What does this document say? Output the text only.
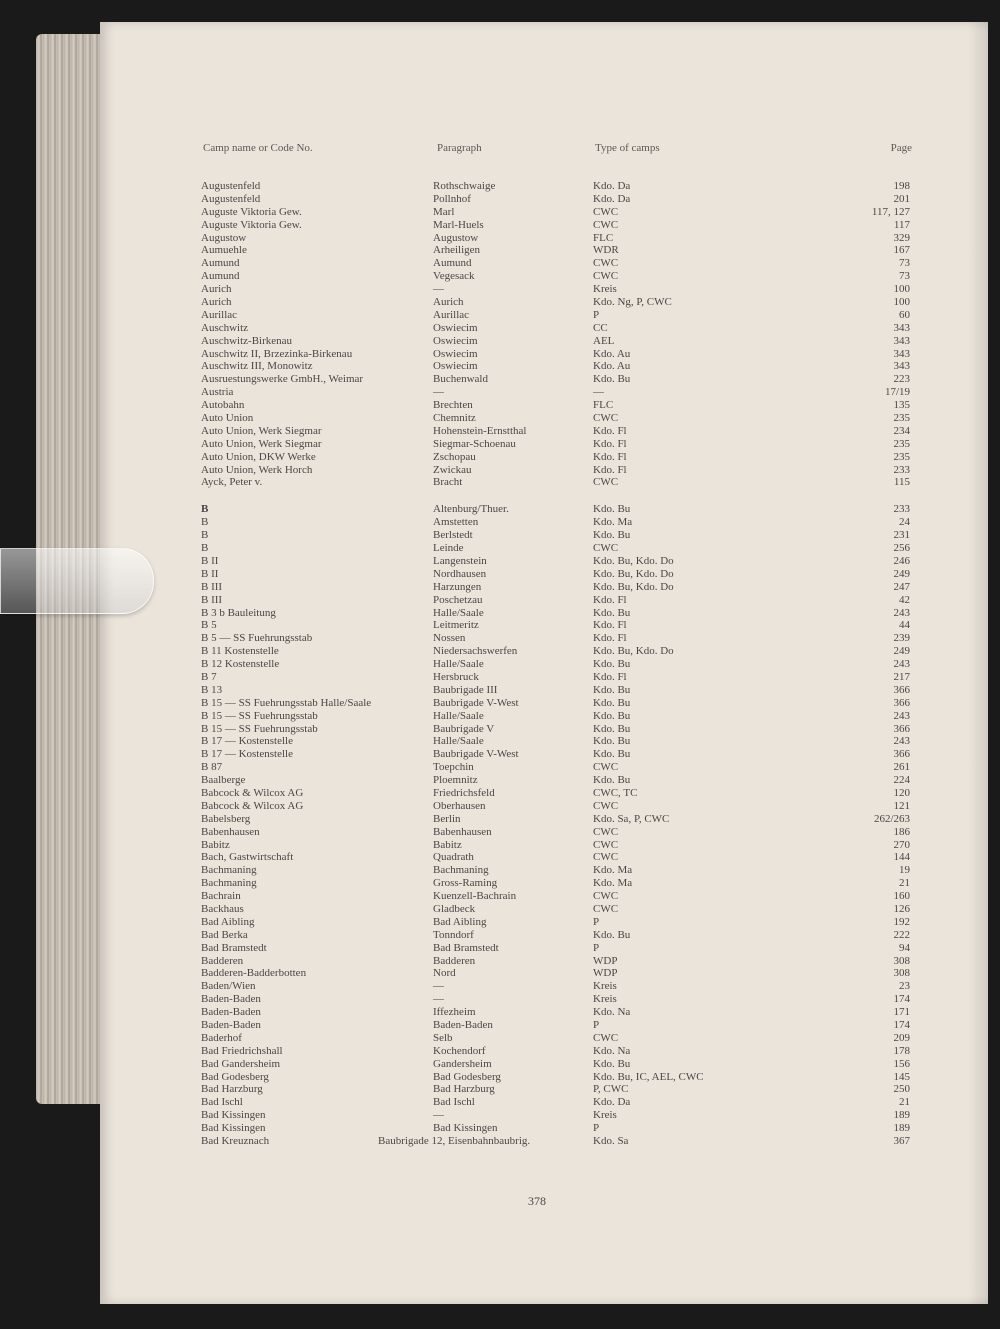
Camp name or Code No.	Paragraph	Type of camps	Page
Augustenfeld	Rothschwaige	Kdo. Da	198
Augustenfeld	Pollnhof	Kdo. Da	201
Auguste Viktoria Gew.	Marl	CWC	117, 127
Auguste Viktoria Gew.	Marl-Huels	CWC	117
Augustow	Augustow	FLC	329
Aumuehle	Arheiligen	WDR	167
Aumund	Aumund	CWC	73
Aumund	Vegesack	CWC	73
Aurich	—	Kreis	100
Aurich	Aurich	Kdo. Ng, P, CWC	100
Aurillac	Aurillac	P	60
Auschwitz	Oswiecim	CC	343
Auschwitz-Birkenau	Oswiecim	AEL	343
Auschwitz II, Brzezinka-Birkenau	Oswiecim	Kdo. Au	343
Auschwitz III, Monowitz	Oswiecim	Kdo. Au	343
Ausruestungswerke GmbH., Weimar	Buchenwald	Kdo. Bu	223
Austria	—	—	17/19
Autobahn	Brechten	FLC	135
Auto Union	Chemnitz	CWC	235
Auto Union, Werk Siegmar	Hohenstein-Ernstthal	Kdo. Fl	234
Auto Union, Werk Siegmar	Siegmar-Schoenau	Kdo. Fl	235
Auto Union, DKW Werke	Zschopau	Kdo. Fl	235
Auto Union, Werk Horch	Zwickau	Kdo. Fl	233
Ayck, Peter v.	Bracht	CWC	115
B	Altenburg/Thuer.	Kdo. Bu	233
B	Amstetten	Kdo. Ma	24
B	Berlstedt	Kdo. Bu	231
B	Leinde	CWC	256
B II	Langenstein	Kdo. Bu, Kdo. Do	246
B II	Nordhausen	Kdo. Bu, Kdo. Do	249
B III	Harzungen	Kdo. Bu, Kdo. Do	247
B III	Poschetzau	Kdo. Fl	42
B 3 b Bauleitung	Halle/Saale	Kdo. Bu	243
B 5	Leitmeritz	Kdo. Fl	44
B 5 — SS Fuehrungsstab	Nossen	Kdo. Fl	239
B 11 Kostenstelle	Niedersachswerfen	Kdo. Bu, Kdo. Do	249
B 12 Kostenstelle	Halle/Saale	Kdo. Bu	243
B 7	Hersbruck	Kdo. Fl	217
B 13	Baubrigade III	Kdo. Bu	366
B 15 — SS Fuehrungsstab Halle/Saale	Baubrigade V-West	Kdo. Bu	366
B 15 — SS Fuehrungsstab	Halle/Saale	Kdo. Bu	243
B 15 — SS Fuehrungsstab	Baubrigade V	Kdo. Bu	366
B 17 — Kostenstelle	Halle/Saale	Kdo. Bu	243
B 17 — Kostenstelle	Baubrigade V-West	Kdo. Bu	366
B 87	Toepchin	CWC	261
Baalberge	Ploemnitz	Kdo. Bu	224
Babcock & Wilcox AG	Friedrichsfeld	CWC, TC	120
Babcock & Wilcox AG	Oberhausen	CWC	121
Babelsberg	Berlin	Kdo. Sa, P, CWC	262/263
Babenhausen	Babenhausen	CWC	186
Babitz	Babitz	CWC	270
Bach, Gastwirtschaft	Quadrath	CWC	144
Bachmaning	Bachmaning	Kdo. Ma	19
Bachmaning	Gross-Raming	Kdo. Ma	21
Bachrain	Kuenzell-Bachrain	CWC	160
Backhaus	Gladbeck	CWC	126
Bad Aibling	Bad Aibling	P	192
Bad Berka	Tonndorf	Kdo. Bu	222
Bad Bramstedt	Bad Bramstedt	P	94
Badderen	Badderen	WDP	308
Badderen-Badderbotten	Nord	WDP	308
Baden/Wien	—	Kreis	23
Baden-Baden	—	Kreis	174
Baden-Baden	Iffezheim	Kdo. Na	171
Baden-Baden	Baden-Baden	P	174
Baderhof	Selb	CWC	209
Bad Friedrichshall	Kochendorf	Kdo. Na	178
Bad Gandersheim	Gandersheim	Kdo. Bu	156
Bad Godesberg	Bad Godesberg	Kdo. Bu, IC, AEL, CWC	145
Bad Harzburg	Bad Harzburg	P, CWC	250
Bad Ischl	Bad Ischl	Kdo. Da	21
Bad Kissingen	—	Kreis	189
Bad Kissingen	Bad Kissingen	P	189
Bad Kreuznach	Baubrigade 12, Eisenbahnbaubrig.	Kdo. Sa	367
378
